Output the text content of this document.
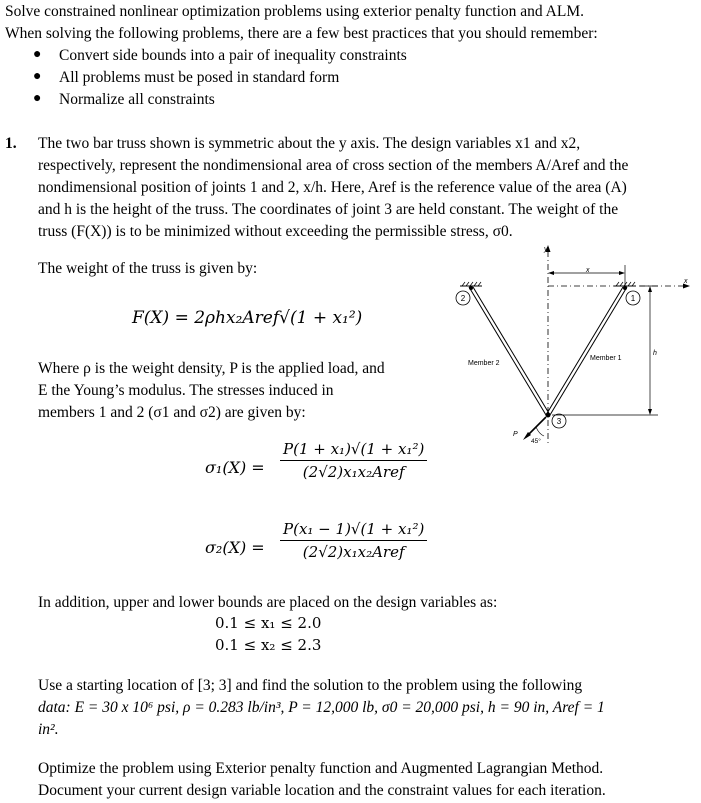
Solve constrained nonlinear optimization problems using exterior penalty function and ALM.
When solving the following problems, there are a few best practices that you should remember:
● Convert side bounds into a pair of inequality constraints
● All problems must be posed in standard form
● Normalize all constraints
1. The two bar truss shown is symmetric about the y axis. The design variables x1 and x2,
respectively, represent the nondimensional area of cross section of the members A/Aref and the
nondimensional position of joints 1 and 2, x/h. Here, Aref is the reference value of the area (A)
and h is the height of the truss. The coordinates of joint 3 are held constant. The weight of the
truss (F(X)) is to be minimized without exceeding the permissible stress, σ0.
The weight of the truss is given by:
F(X) = 2ρhx₂Aref√(1 + x₁²)
Where ρ is the weight density, P is the applied load, and
E the Young’s modulus. The stresses induced in
members 1 and 2 (σ1 and σ2) are given by:
σ₁(X) =
P(1 + x₁)√(1 + x₁²)
(2√2)x₁x₂Aref
σ₂(X) =
P(x₁ − 1)√(1 + x₁²)
(2√2)x₁x₂Aref
In addition, upper and lower bounds are placed on the design variables as:
0.1 ≤ x₁ ≤ 2.0
0.1 ≤ x₂ ≤ 2.3
Use a starting location of [3; 3] and find the solution to the problem using the following
data: E = 30 x 10⁶ psi, ρ = 0.283 lb/in³, P = 12,000 lb, σ0 = 20,000 psi, h = 90 in, Aref = 1
in².
Optimize the problem using Exterior penalty function and Augmented Lagrangian Method.
Document your current design variable location and the constraint values for each iteration.
y
x
x
2	1
3
Member 2
Member 1
h
P
45°
